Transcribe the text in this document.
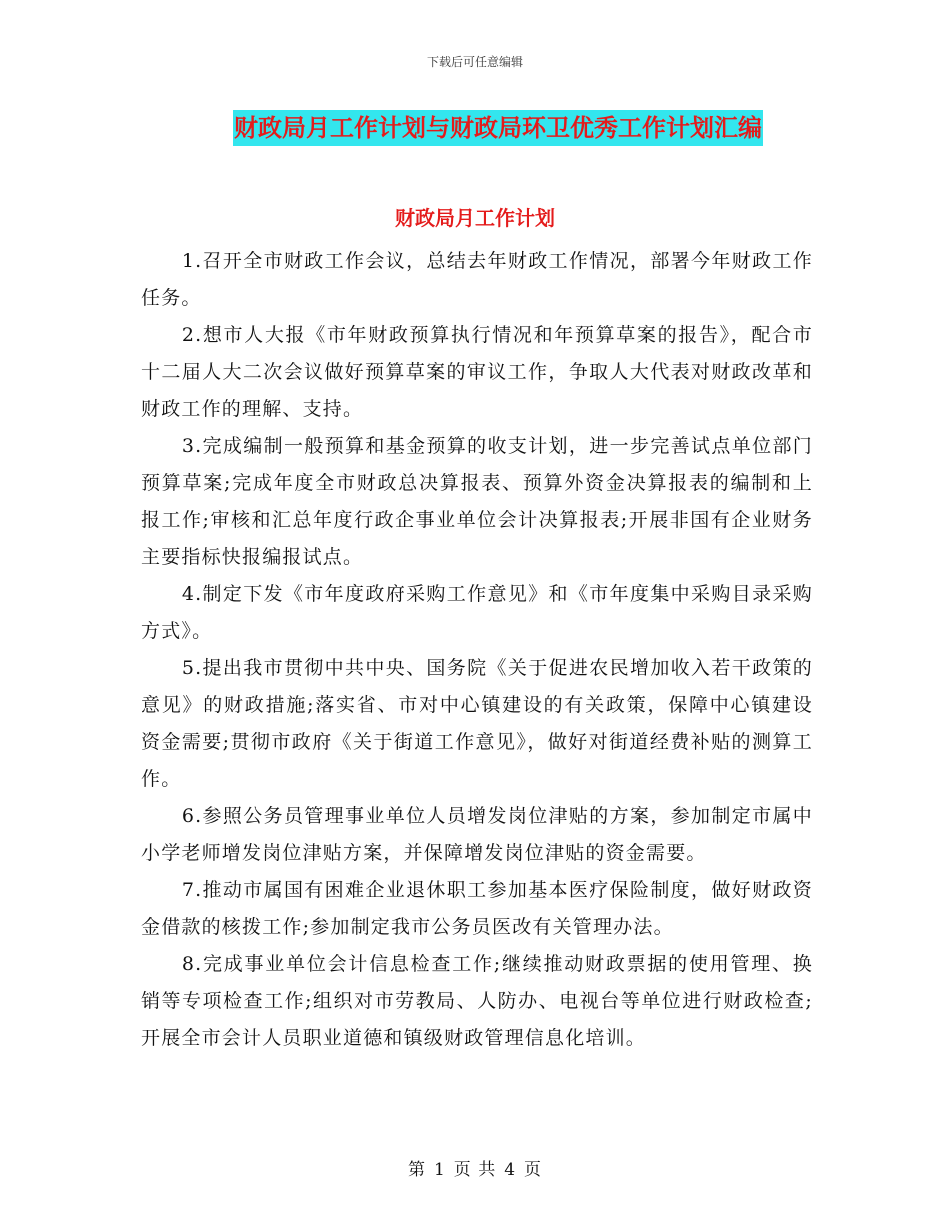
下载后可任意编辑
财政局月工作计划与财政局环卫优秀工作计划汇编
财政局月工作计划

1.召开全市财政工作会议，总结去年财政工作情况，部署今年财政工作任务。

2.想市人大报《市年财政预算执行情况和年预算草案的报告》，配合市十二届人大二次会议做好预算草案的审议工作，争取人大代表对财政改革和财政工作的理解、支持。

3.完成编制一般预算和基金预算的收支计划，进一步完善试点单位部门预算草案;完成年度全市财政总决算报表、预算外资金决算报表的编制和上报工作;审核和汇总年度行政企事业单位会计决算报表;开展非国有企业财务主要指标快报编报试点。

4.制定下发《市年度政府采购工作意见》和《市年度集中采购目录采购方式》。

5.提出我市贯彻中共中央、国务院《关于促进农民增加收入若干政策的意见》的财政措施;落实省、市对中心镇建设的有关政策，保障中心镇建设资金需要;贯彻市政府《关于街道工作意见》，做好对街道经费补贴的测算工作。

6.参照公务员管理事业单位人员增发岗位津贴的方案，参加制定市属中小学老师增发岗位津贴方案，并保障增发岗位津贴的资金需要。

7.推动市属国有困难企业退休职工参加基本医疗保险制度，做好财政资金借款的核拨工作;参加制定我市公务员医改有关管理办法。

8.完成事业单位会计信息检查工作;继续推动财政票据的使用管理、换销等专项检查工作;组织对市劳教局、人防办、电视台等单位进行财政检查;开展全市会计人员职业道德和镇级财政管理信息化培训。

第 1 页 共 4 页
